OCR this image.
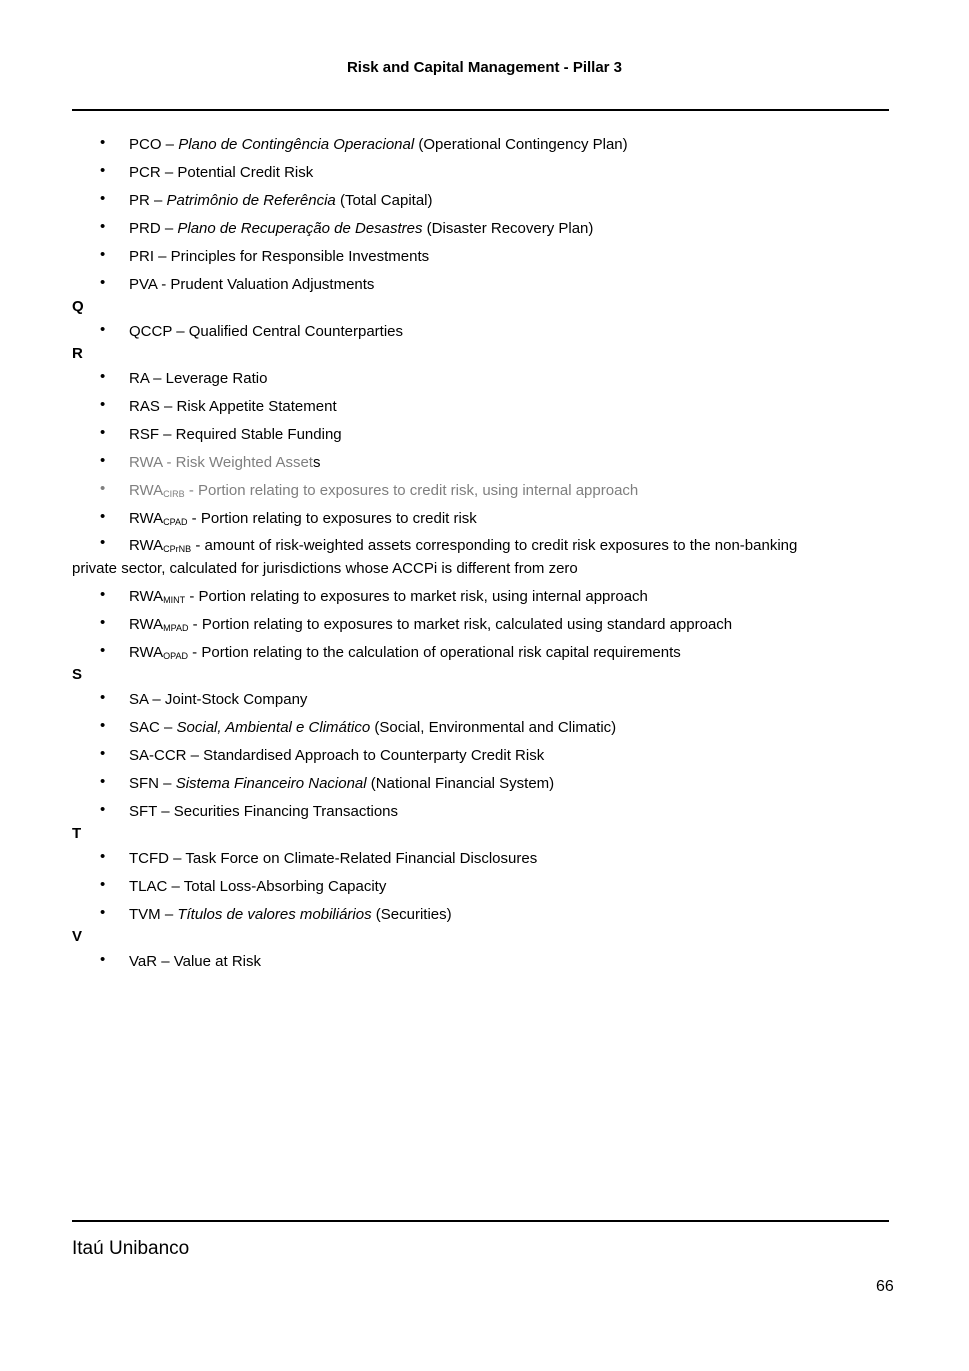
Risk and Capital Management - Pillar 3
• PCO – Plano de Contingência Operacional (Operational Contingency Plan)
• PCR – Potential Credit Risk
• PR – Patrimônio de Referência (Total Capital)
• PRD – Plano de Recuperação de Desastres (Disaster Recovery Plan)
• PRI – Principles for Responsible Investments
• PVA - Prudent Valuation Adjustments
Q
• QCCP – Qualified Central Counterparties
R
• RA – Leverage Ratio
• RAS – Risk Appetite Statement
• RSF – Required Stable Funding
• RWA - Risk Weighted Assets
• $RWA_{CIRB}$ - Portion relating to exposures to credit risk, using internal approach
• $RWA_{CPAD}$ - Portion relating to exposures to credit risk
• $RWA_{CPrNB}$ - amount of risk-weighted assets corresponding to credit risk exposures to the non-banking
private sector, calculated for jurisdictions whose ACCPi is different from zero
• $RWA_{MINT}$ - Portion relating to exposures to market risk, using internal approach
• $RWA_{MPAD}$ - Portion relating to exposures to market risk, calculated using standard approach
• $RWA_{OPAD}$ - Portion relating to the calculation of operational risk capital requirements
S
• SA – Joint-Stock Company
• SAC – Social, Ambiental e Climático (Social, Environmental and Climatic)
• SA-CCR – Standardised Approach to Counterparty Credit Risk
• SFN – Sistema Financeiro Nacional (National Financial System)
• SFT – Securities Financing Transactions
T
• TCFD – Task Force on Climate-Related Financial Disclosures
• TLAC – Total Loss-Absorbing Capacity
• TVM – Títulos de valores mobiliários (Securities)
V
• VaR – Value at Risk
Itaú Unibanco
66
